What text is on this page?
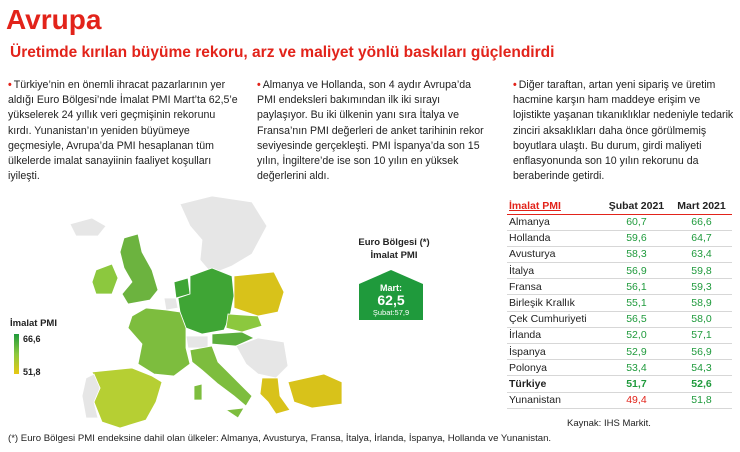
Avrupa
Üretimde kırılan büyüme rekoru, arz ve maliyet yönlü baskıları güçlendirdi
• Türkiye’nin en önemli ihracat pazarlarının yer aldığı Euro Bölgesi’nde İmalat PMI Mart’ta 62,5’e yükselerek 24 yıllık veri geçmişinin rekorunu kırdı. Yunanistan’ın yeniden büyümeye geçmesiyle, Avrupa’da PMI hesaplanan tüm ülkelerde imalat sanayiinin faaliyet koşulları iyileşti.
• Almanya ve Hollanda, son 4 aydır Avrupa’da PMI endeksleri bakımından ilk iki sırayı paylaşıyor. Bu iki ülkenin yanı sıra İtalya ve Fransa’nın PMI değerleri de anket tarihinin rekor seviyesinde gerçekleşti. PMI İspanya’da son 15 yılın, İngiltere’de ise son 10 yılın en yüksek değerlerini aldı.
• Diğer taraftan, artan yeni sipariş ve üretim hacmine karşın ham maddeye erişim ve lojistikte yaşanan tıkanıklıklar nedeniyle tedarik zinciri aksaklıkları daha önce görülmemiş boyutlara ulaştı. Bu durum, girdi maliyeti enflasyonunda son 10 yılın rekorunu da beraberinde getirdi.
İmalat PMI
66,6
51,8
Euro Bölgesi (*)
İmalat PMI
Mart:
62,5
Şubat:57,9
İmalat PMI	Şubat 2021	Mart 2021
Almanya	60,7	66,6
Hollanda	59,6	64,7
Avusturya	58,3	63,4
İtalya	56,9	59,8
Fransa	56,1	59,3
Birleşik Krallık	55,1	58,9
Çek Cumhuriyeti	56,5	58,0
İrlanda	52,0	57,1
İspanya	52,9	56,9
Polonya	53,4	54,3
Türkiye	51,7	52,6
Yunanistan	49,4	51,8
Kaynak: IHS Markit.
(*) Euro Bölgesi PMI endeksine dahil olan ülkeler: Almanya, Avusturya, Fransa, İtalya, İrlanda, İspanya, Hollanda ve Yunanistan.
